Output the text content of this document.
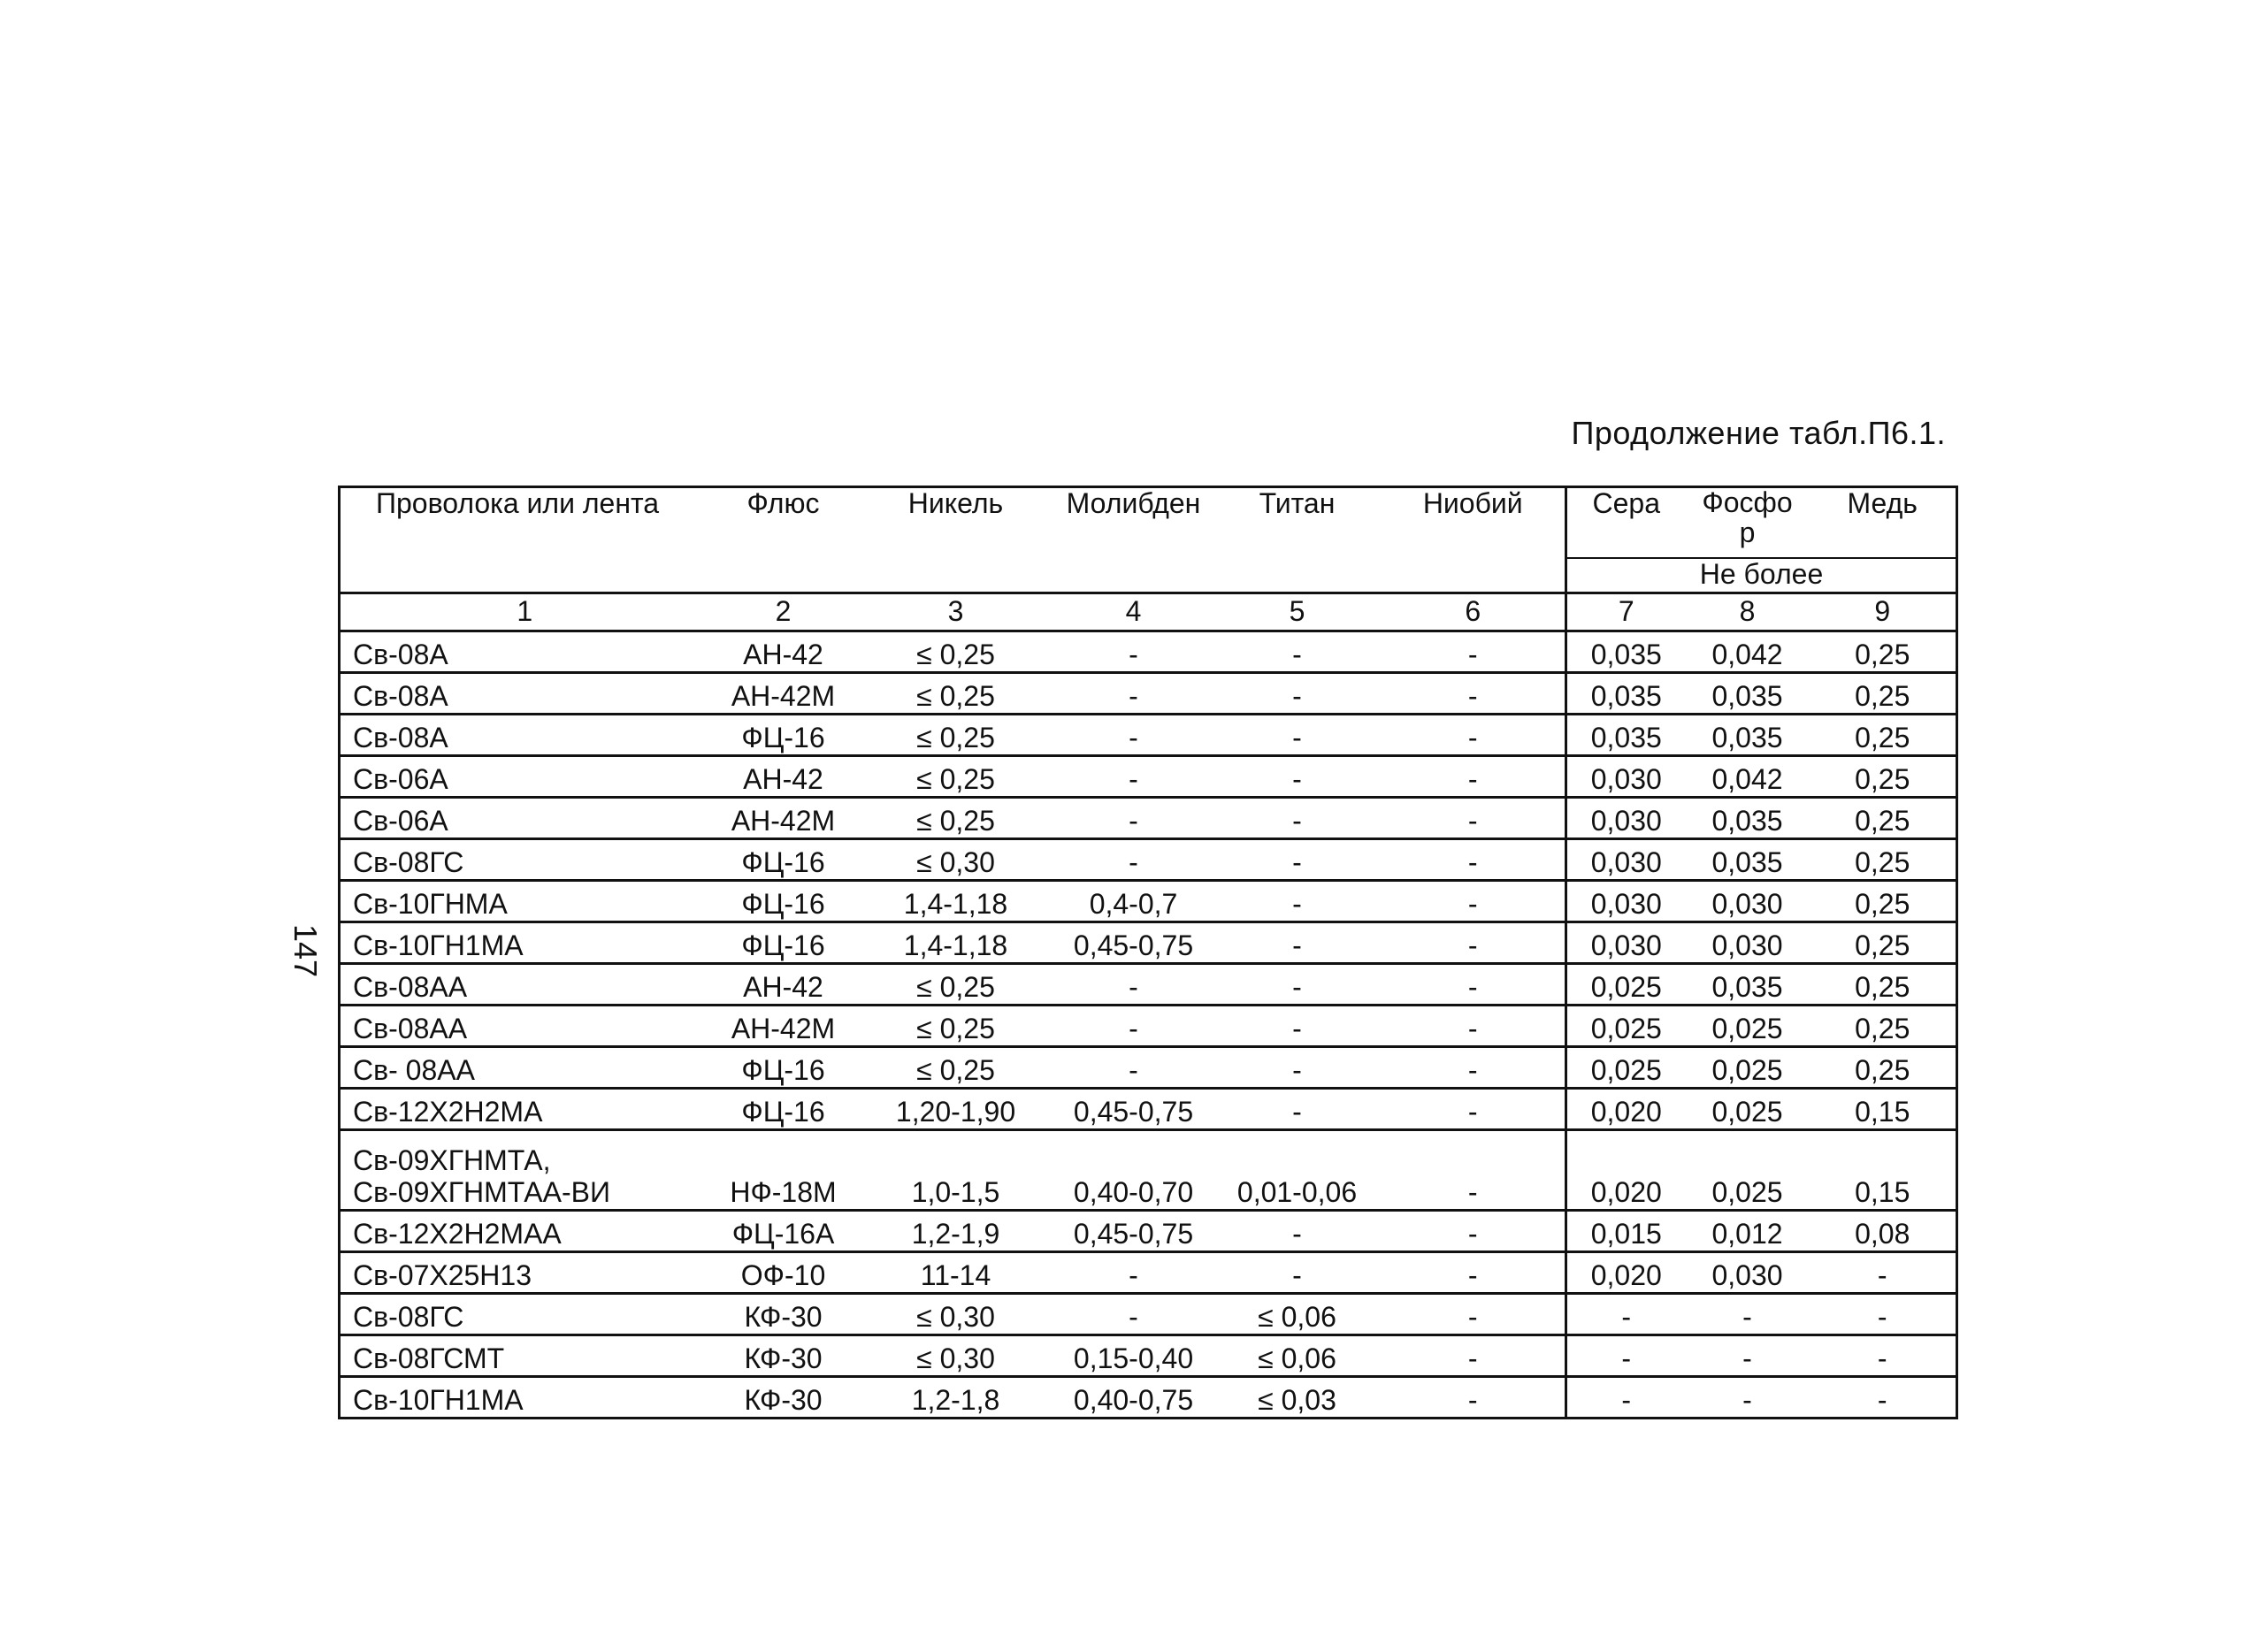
Продолжение табл.П6.1.
147
Проволока или лента	Флюс	Никель	Молибден	Титан	Ниобий	Сера	Фосфо р	Медь
						Не более		
1	2	3	4	5	6	7	8	9
Св-08А	АН-42	≤ 0,25	-	-	-	0,035	0,042	0,25
Св-08А	АН-42М	≤ 0,25	-	-	-	0,035	0,035	0,25
Св-08А	ФЦ-16	≤ 0,25	-	-	-	0,035	0,035	0,25
Св-06А	АН-42	≤ 0,25	-	-	-	0,030	0,042	0,25
Св-06А	АН-42М	≤ 0,25	-	-	-	0,030	0,035	0,25
Св-08ГС	ФЦ-16	≤ 0,30	-	-	-	0,030	0,035	0,25
Св-10ГНМА	ФЦ-16	1,4-1,18	0,4-0,7	-	-	0,030	0,030	0,25
Св-10ГН1МА	ФЦ-16	1,4-1,18	0,45-0,75	-	-	0,030	0,030	0,25
Св-08АА	АН-42	≤ 0,25	-	-	-	0,025	0,035	0,25
Св-08АА	АН-42М	≤ 0,25	-	-	-	0,025	0,025	0,25
Св- 08АА	ФЦ-16	≤ 0,25	-	-	-	0,025	0,025	0,25
Св-12Х2Н2МА	ФЦ-16	1,20-1,90	0,45-0,75	-	-	0,020	0,025	0,15
Св-09ХГНМТА,
Св-09ХГНМТАА-ВИ	НФ-18М	1,0-1,5	0,40-0,70	0,01-0,06	-	0,020	0,025	0,15
Св-12Х2Н2МАА	ФЦ-16А	1,2-1,9	0,45-0,75	-	-	0,015	0,012	0,08
Св-07Х25Н13	ОФ-10	11-14	-	-	-	0,020	0,030	-
Св-08ГС	КФ-30	≤ 0,30	-	≤ 0,06	-	-	-	-
Св-08ГСМТ	КФ-30	≤ 0,30	0,15-0,40	≤ 0,06	-	-	-	-
Св-10ГН1МА	КФ-30	1,2-1,8	0,40-0,75	≤ 0,03	-	-	-	-
